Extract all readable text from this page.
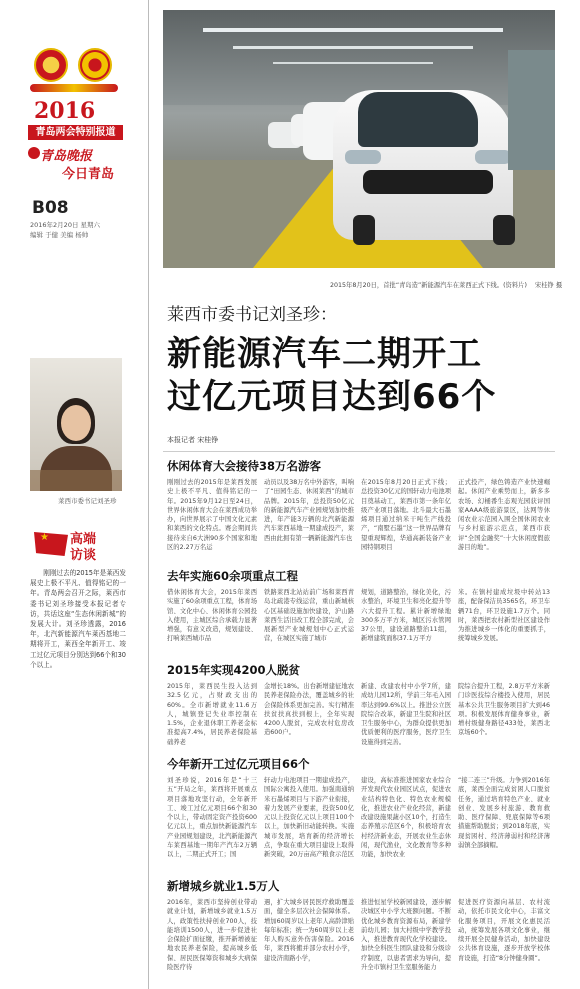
2016
青岛两会特别报道
青岛晚报
今日青岛
B08
2016年2月20日 星期六
编辑 于健 美编 杨帅
莱西市委书记刘圣珍
★ 高端
访谈
刚刚过去的2015年是莱西发展史上极不平凡、值得铭记的一年。青岛两会召开之际，莱西市委书记刘圣珍接受本报记者专访，共话这座“生态休闲新城”的发展大计。刘圣珍透露，2016年，北汽新能源汽车莱西基地二期将开工，莱西全年新开工、竣工过亿元项目分别达到66个和30个以上。
2015年8月20日，首批“青岛造”新能源汽车在莱西正式下线。(资料片) 宋桂铮 摄
莱西市委书记刘圣珍：
新能源汽车二期开工
过亿元项目达到66个
本报记者 宋桂铮
休闲体育大会接待38万名游客
刚刚过去的2015年是莱西发展史上极不平凡、值得铭记的一年。2015年9月12日至24日，世界休闲体育大会在莱西成功举办，向世界展示了中国文化元素和莱西的文化特点。赛会期间共接待来自6大洲90多个国家和地区的2.27万名运
动员以及38万名中外游客，叫响了“田园生态、休闲莱西”的城市品牌。2015年，总投资50亿元的新能源汽车产业园规划加快推进，年产能3万辆的北汽新能源汽车莱西基地一期建成投产，莱西由此拥有第一辆新能源汽车也
在2015年8月20日正式下线；总投资30亿元的国轩动力电池项目奠基动工，莱西市第一条年亿级产业项目落地。北斗最大石墨烯项目通过纳米干吨生产线投产，“南墅石墨”这一世界品牌有望重现辉煌，华通高新装备产业园特钢项目
正式投产，绿色铸造产业快速崛起。休闲产业乘势而上，新多多农场、幻桶番生态观光园获评国家AAAA级旅游景区，达网等休闲农业示范园入围全国休闲农业与乡村旅游示范点，莱西市获评“全国金融奖”·十大休闲度假旅游目的地”。
去年实施60余项重点工程
借休闲体育大会，2015年莱西实施了60余项重点工程，体育场馆、文化中心、休闲体育公园投入使用，主城区综合承载力显著增强，有意义改造，规划建设、打响莱西城市品
铁路莱西北站站前广场和莱西青岛北疏港专线运营，重山新城核心区基础设施加快建设，沪山路莱西生活旧改工程全部完成，会展新型产业城规划中心正式运营，在城区实施了城市
规划，道路整治，绿化美化，污水整治，环境卫生和亮化提升等六大提升工程。累计新增绿地300多万平方米，城区污水管网37公里，建设道路整治11组，新增建筑面积37.1万平方
米。在镇村建成垃圾中转站13座，配备保洁员3565名，环卫车辆71台，环卫设施1.7万个。同时，莱西把农村新型社区建设作为推进城乡一体化的重要抓手，统筹城乡发展。
2015年实现4200人脱贫
2015年，莱西民生投入达到32.5亿元，占财政支出的60%。全市新增就业11.6万人，城镇登记失业率控制在1.5%，企业退休职工养老金标准提高7.4%，居民养老保险基础养老
金增长18%。出台新增建征地农民养老保险办法，覆盖城乡的社会保险体系更加完善。实行精准扶贫扶真扶到根上，全年实现4200人脱贫，完成农村危房改造600户。
新建、改建农村中小学7所，建成幼儿园12所，学前三年毛入园率达到99.6%以上。推进公立医院综合改革，新建卫生院和社区卫生服务中心，为群众提供更加优质便利的医疗服务，医疗卫生设施得到完善。
院综合提升工程，2.8万平方米新门诊医技综合楼投入使用，居民基本公共卫生服务项目扩大到46项。积极发展体育健身事业，新增村级健身路径433处，莱西北京场60个。
今年新开工过亿元项目66个
刘圣珍说，2016年是“十三五”开局之年，莱西将开展重点项目落地攻坚行动，全年新开工、竣工过亿元项目66个和30个以上，带动固定资产投资600亿元以上，重点加快新能源汽车产业园规划建设，北汽新能源汽车莱西基地一期年产汽车2万辆以上，二期正式开工；国
轩动力电池项目一期建成投产，国际公寓投入使用。加强南通纳米石墨烯项目与下游产业衔接，着力发展产业要素，投资500亿元以上投资亿元以上项目100个以上，加快新旧动能转换。实施城市发展，培育新的经济增长点，争取在重大项目建设上取得新突破，20万亩高产粮食示范区
建设，高标准推进国家农业综合开发现代农业园区试点，促进农业结构特色化、特色农业规模化，推进农业产业化经营，新建改建设施果蔬小区10个，打造生态养殖示范区6个，积极培育农村经济新业态，开展农业生态休闲，现代渔业，文化教育等多种功能，加快农业
“接二连三”升级。力争到2016年底，莱西全面完成贫困人口脱贫任务，通过培育特色产业、就业创业、发展乡村旅游、教育救助、医疗保障、兜底保障等6项措施帮助脱贫；到2018年底，实现贫困村、经济薄弱村和经济薄弱镇全部摘帽。
新增城乡就业1.5万人
2016年，莱西市坚持创业带动就业计划，新增城乡就业1.5万人，政策性扶持创业700人，技能培训1500人，进一步促进社会保险扩面征缴，推开新增被征地农民养老保险，提高城乡低保、居民医保筹资和城乡大病保险医疗待
遇，扩大城乡居民医疗救助覆盖面，健全多层次社会保障体系。增加60周岁以上老年人高龄津贴每年标准；统一为60周岁以上老年人购买意外伤害保险。2016年，莱西将搬并部分农村小学，建设济南路小学，
推进恒星学校新园建设，逐步解决城区中小学大班额问题。不断优化城乡教育资源布局，新建学前幼儿园；加大村级中学教学投入，推进教育现代化学校建设。加快全科医生团队建设和分级诊疗制度，以患者需求为导向，提升全市镇村卫生室服务能力
促进医疗资源向基层、农村流动，依托市民文化中心，丰富文化服务项目，开展文化惠民活动，统筹发展各项文化事业，继续开展全民健身活动，加快建设公共体育设施，逐步开放学校体育设施，打造“8分钟健身圈”。
